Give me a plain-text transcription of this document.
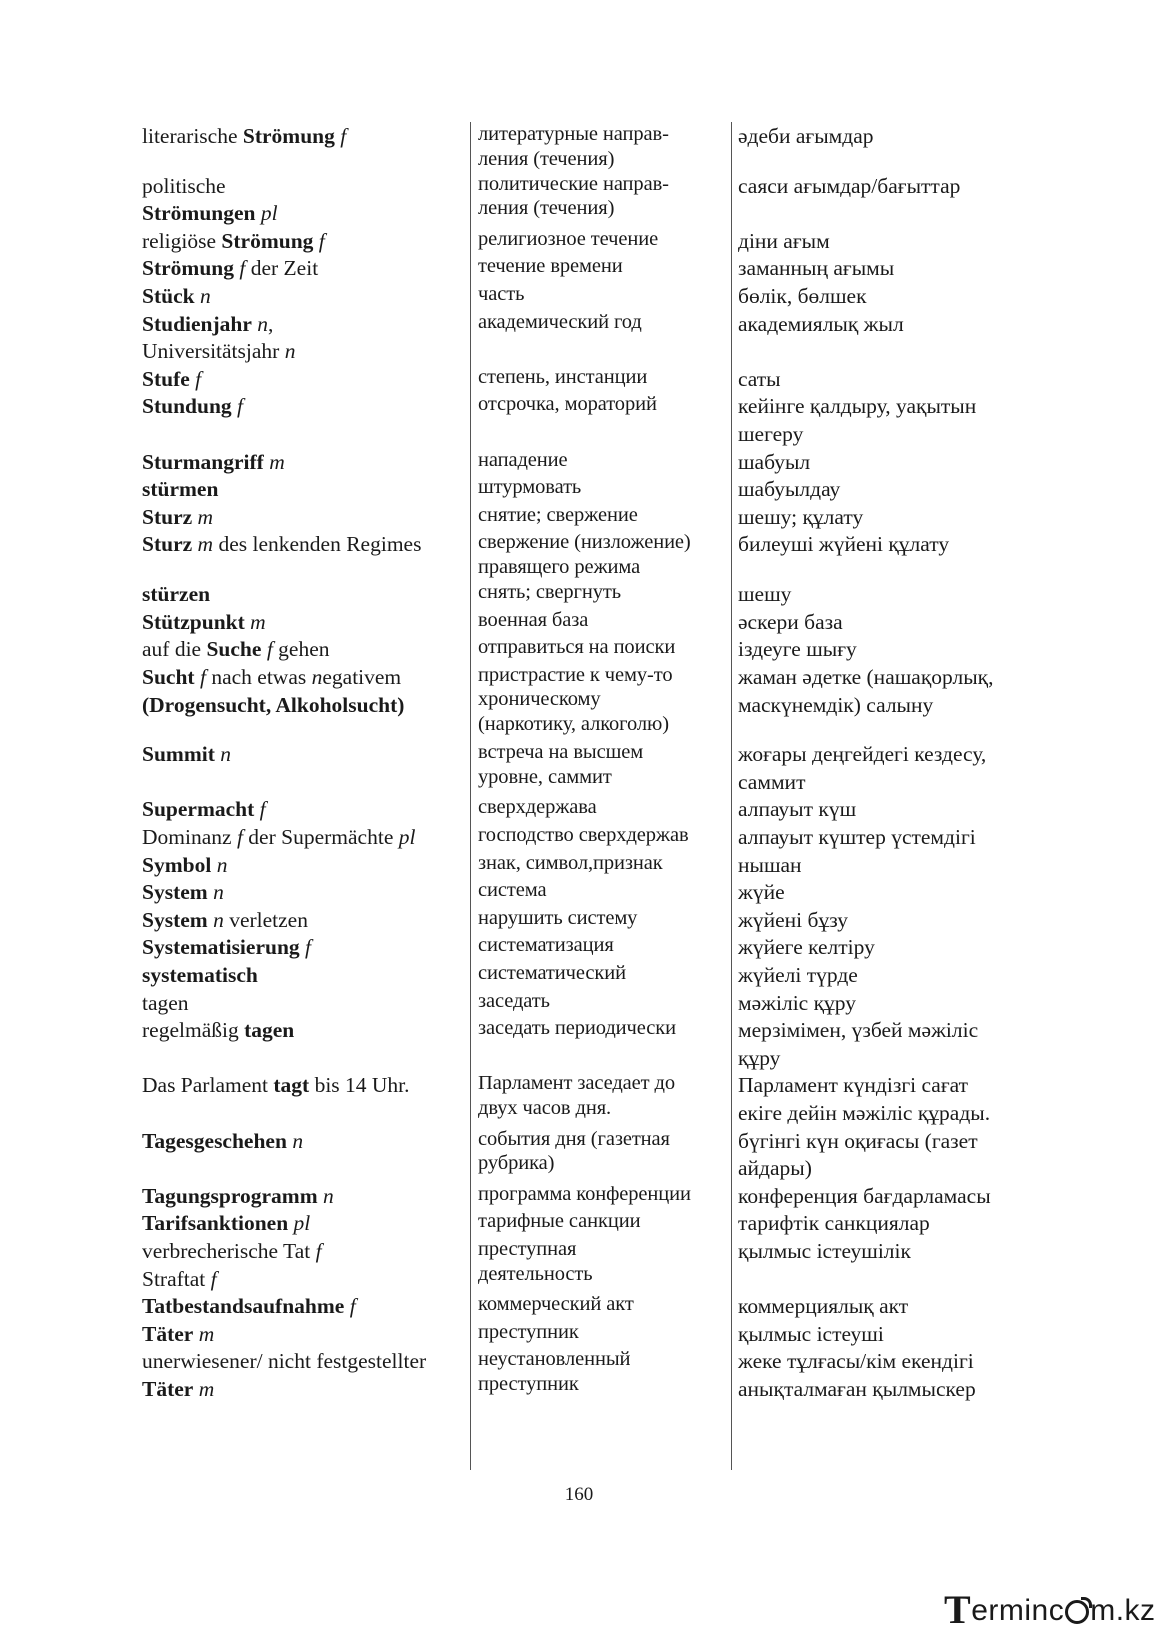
literarische Strömung f
politische
Strömungen pl
religiöse Strömung f
Strömung f der Zeit
Stück n
Studienjahr n,
Universitätsjahr n
Stufe f
Stundung f
Sturmangriff m
stürmen
Sturz m
Sturz m des lenkenden Regimes
stürzen
Stützpunkt m
auf die Suche f gehen
Sucht f nach etwas negativem
(Drogensucht, Alkoholsucht)
Summit n
Supermacht f
Dominanz f der Supermächte pl
Symbol n
System n
System n verletzen
Systematisierung f
systematisch
tagen
regelmäßig tagen
Das Parlament tagt bis 14 Uhr.
Tagesgeschehen n
Tagungsprogramm n
Tarifsanktionen pl
verbrecherische Tat f
Straftat f
Tatbestandsaufnahme f
Täter m
unerwiesener/ nicht festgestellter
Täter m
литературные направ-
ления (течения)
политические направ-
ления (течения)
религиозное течение
течение времени
часть
академический год
степень, инстанции
отсрочка, мораторий
нападение
штурмовать
снятие; свержение
свержение (низложение)
правящего режима
снять; свергнуть
военная база
отправиться на поиски
пристрастие к чему-то
хроническому
(наркотику, алкоголю)
встреча на высшем
уровне, саммит
сверхдержава
господство сверхдержав
знак, символ,признак
система
нарушить систему
систематизация
систематический
заседать
заседать периодически
Парламент заседает до
двух часов дня.
события дня (газетная
рубрика)
программа конференции
тарифные санкции
преступная
деятельность
коммерческий акт
преступник
неустановленный
преступник
әдеби ағымдар
саяси ағымдар/бағыттар
діни ағым
заманның ағымы
бөлік, бөлшек
академиялық жыл
саты
кейінге қалдыру, уақытын
шегеру
шабуыл
шабуылдау
шешу; құлату
билеуші жүйені құлату
шешу
әскери база
іздеуге шығу
жаман әдетке (нашақорлық,
маскүнемдік) салыну
жоғары деңгейдегі кездесу,
саммит
алпауыт күш
алпауыт күштер үстемдігі
нышан
жүйе
жүйені бұзу
жүйеге келтіру
жүйелі түрде
мәжіліс құру
мерзімімен, үзбей мәжіліс
құру
Парламент күндізгі сағат
екіге дейін мәжіліс құрады.
бүгінгі күн оқиғасы (газет
айдары)
конференция бағдарламасы
тарифтік санкциялар
қылмыс істеушілік
коммерциялық акт
қылмыс істеуші
жеке тұлғасы/кім екендігі
анықталмаған қылмыскер
160
T ermin c m.kz
